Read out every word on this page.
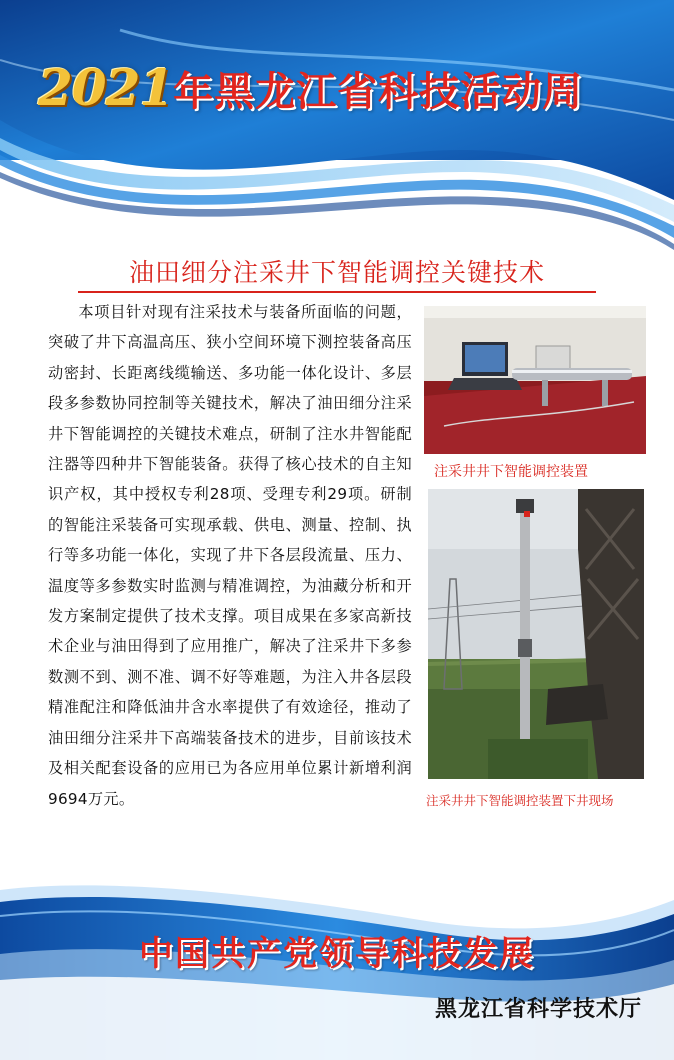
2021年黑龙江省科技活动周
油田细分注采井下智能调控关键技术

本项目针对现有注采技术与装备所面临的问题，突破了井下高温高压、狭小空间环境下测控装备高压动密封、长距离线缆输送、多功能一体化设计、多层段多参数协同控制等关键技术，解决了油田细分注采井下智能调控的关键技术难点，研制了注水井智能配注器等四种井下智能装备。获得了核心技术的自主知识产权，其中授权专利28项、受理专利29项。研制的智能注采装备可实现承载、供电、测量、控制、执行等多功能一体化，实现了井下各层段流量、压力、温度等多参数实时监测与精准调控，为油藏分析和开发方案制定提供了技术支撑。项目成果在多家高新技术企业与油田得到了应用推广，解决了注采井下多参数测不到、测不准、调不好等难题，为注入井各层段精准配注和降低油井含水率提供了有效途径，推动了油田细分注采井下高端装备技术的进步，目前该技术及相关配套设备的应用已为各应用单位累计新增利润9694万元。

注采井井下智能调控装置
注采井井下智能调控装置下井现场
中国共产党领导科技发展
黑龙江省科学技术厅
